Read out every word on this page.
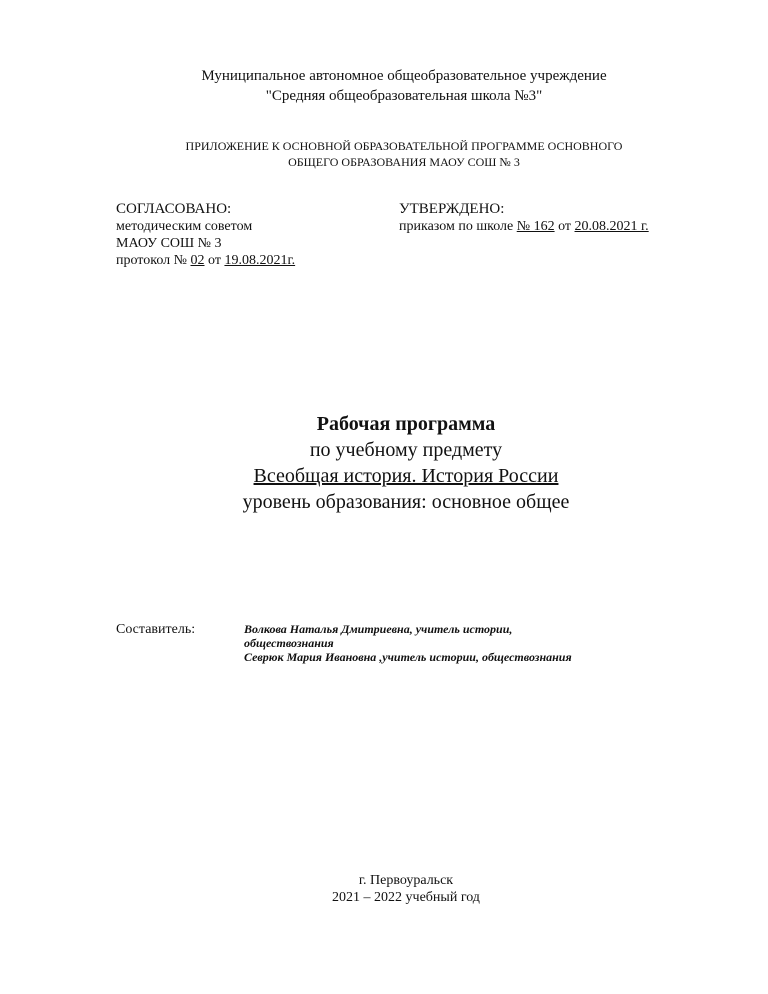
Муниципальное автономное общеобразовательное учреждение
"Средняя общеобразовательная школа №3"
ПРИЛОЖЕНИЕ К ОСНОВНОЙ ОБРАЗОВАТЕЛЬНОЙ ПРОГРАММЕ ОСНОВНОГО
ОБЩЕГО ОБРАЗОВАНИЯ МАОУ СОШ № 3
СОГЛАСОВАНО:
методическим советом
МАОУ СОШ № 3
протокол № 02 от 19.08.2021г.
УТВЕРЖДЕНО:
приказом по школе № 162 от 20.08.2021 г.
Рабочая программа
по учебному предмету
Всеобщая история. История России
уровень образования: основное общее
Составитель:	Волкова Наталья Дмитриевна, учитель истории,
обществознания
Севрюк Мария Ивановна ,учитель истории, обществознания
г. Первоуральск
2021 – 2022 учебный год
